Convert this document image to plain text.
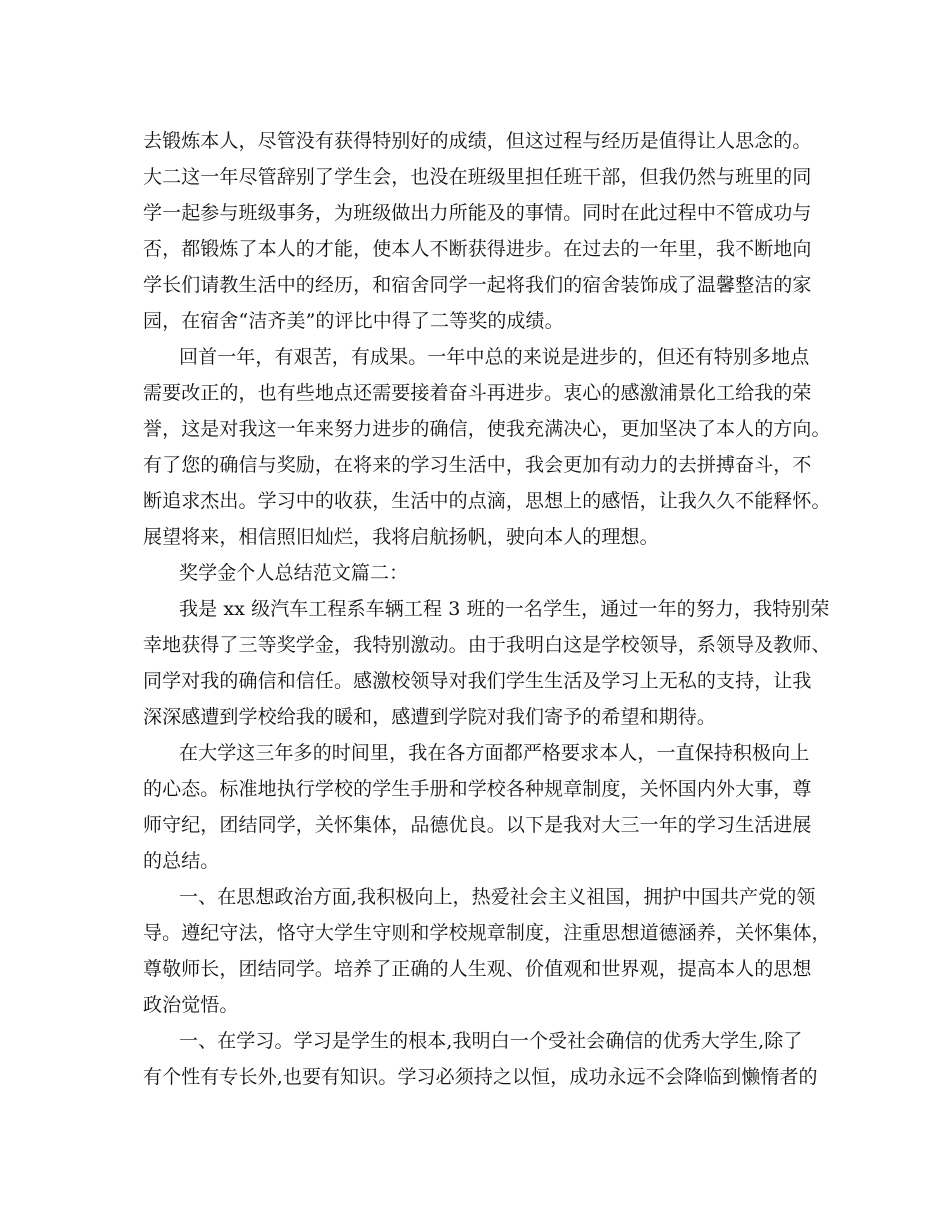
去锻炼本人，尽管没有获得特别好的成绩，但这过程与经历是值得让人思念的。
大二这一年尽管辞别了学生会，也没在班级里担任班干部，但我仍然与班里的同
学一起参与班级事务，为班级做出力所能及的事情。同时在此过程中不管成功与
否，都锻炼了本人的才能，使本人不断获得进步。在过去的一年里，我不断地向
学长们请教生活中的经历，和宿舍同学一起将我们的宿舍装饰成了温馨整洁的家
园，在宿舍“洁齐美”的评比中得了二等奖的成绩。
回首一年，有艰苦，有成果。一年中总的来说是进步的，但还有特别多地点
需要改正的，也有些地点还需要接着奋斗再进步。衷心的感激浦景化工给我的荣
誉，这是对我这一年来努力进步的确信，使我充满决心，更加坚决了本人的方向。
有了您的确信与奖励，在将来的学习生活中，我会更加有动力的去拼搏奋斗，不
断追求杰出。学习中的收获，生活中的点滴，思想上的感悟，让我久久不能释怀。
展望将来，相信照旧灿烂，我将启航扬帆，驶向本人的理想。
奖学金个人总结范文篇二：
我是 xx 级汽车工程系车辆工程 3 班的一名学生，通过一年的努力，我特别荣
幸地获得了三等奖学金，我特别激动。由于我明白这是学校领导，系领导及教师、
同学对我的确信和信任。感激校领导对我们学生生活及学习上无私的支持，让我
深深感遭到学校给我的暖和，感遭到学院对我们寄予的希望和期待。
在大学这三年多的时间里，我在各方面都严格要求本人，一直保持积极向上
的心态。标准地执行学校的学生手册和学校各种规章制度，关怀国内外大事，尊
师守纪，团结同学，关怀集体，品德优良。以下是我对大三一年的学习生活进展
的总结。
一、在思想政治方面,我积极向上，热爱社会主义祖国，拥护中国共产党的领
导。遵纪守法，恪守大学生守则和学校规章制度，注重思想道德涵养，关怀集体，
尊敬师长，团结同学。培养了正确的人生观、价值观和世界观，提高本人的思想
政治觉悟。
一、在学习。学习是学生的根本,我明白一个受社会确信的优秀大学生,除了
有个性有专长外,也要有知识。学习必须持之以恒，成功永远不会降临到懒惰者的
